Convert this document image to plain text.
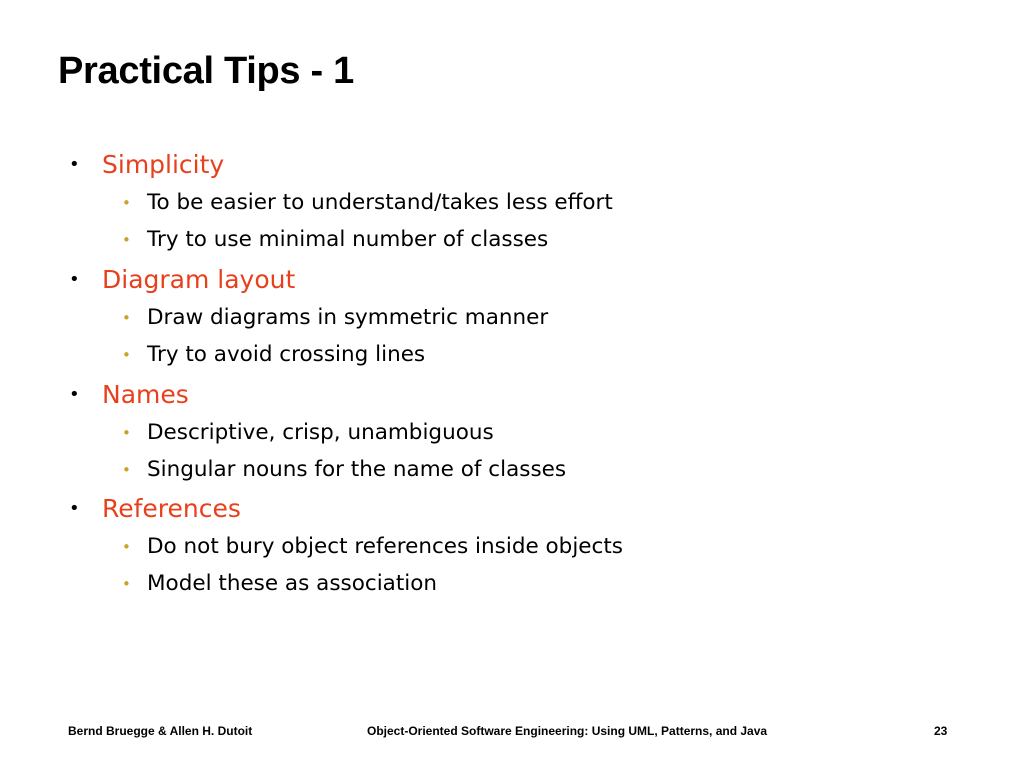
Practical Tips - 1
• Simplicity
• To be easier to understand/takes less effort
• Try to use minimal number of classes
• Diagram layout
• Draw diagrams in symmetric manner
• Try to avoid crossing lines
• Names
• Descriptive, crisp, unambiguous
• Singular nouns for the name of classes
• References
• Do not bury object references inside objects
• Model these as association
Bernd Bruegge & Allen H. Dutoit	Object-Oriented Software Engineering: Using UML, Patterns, and Java	23
